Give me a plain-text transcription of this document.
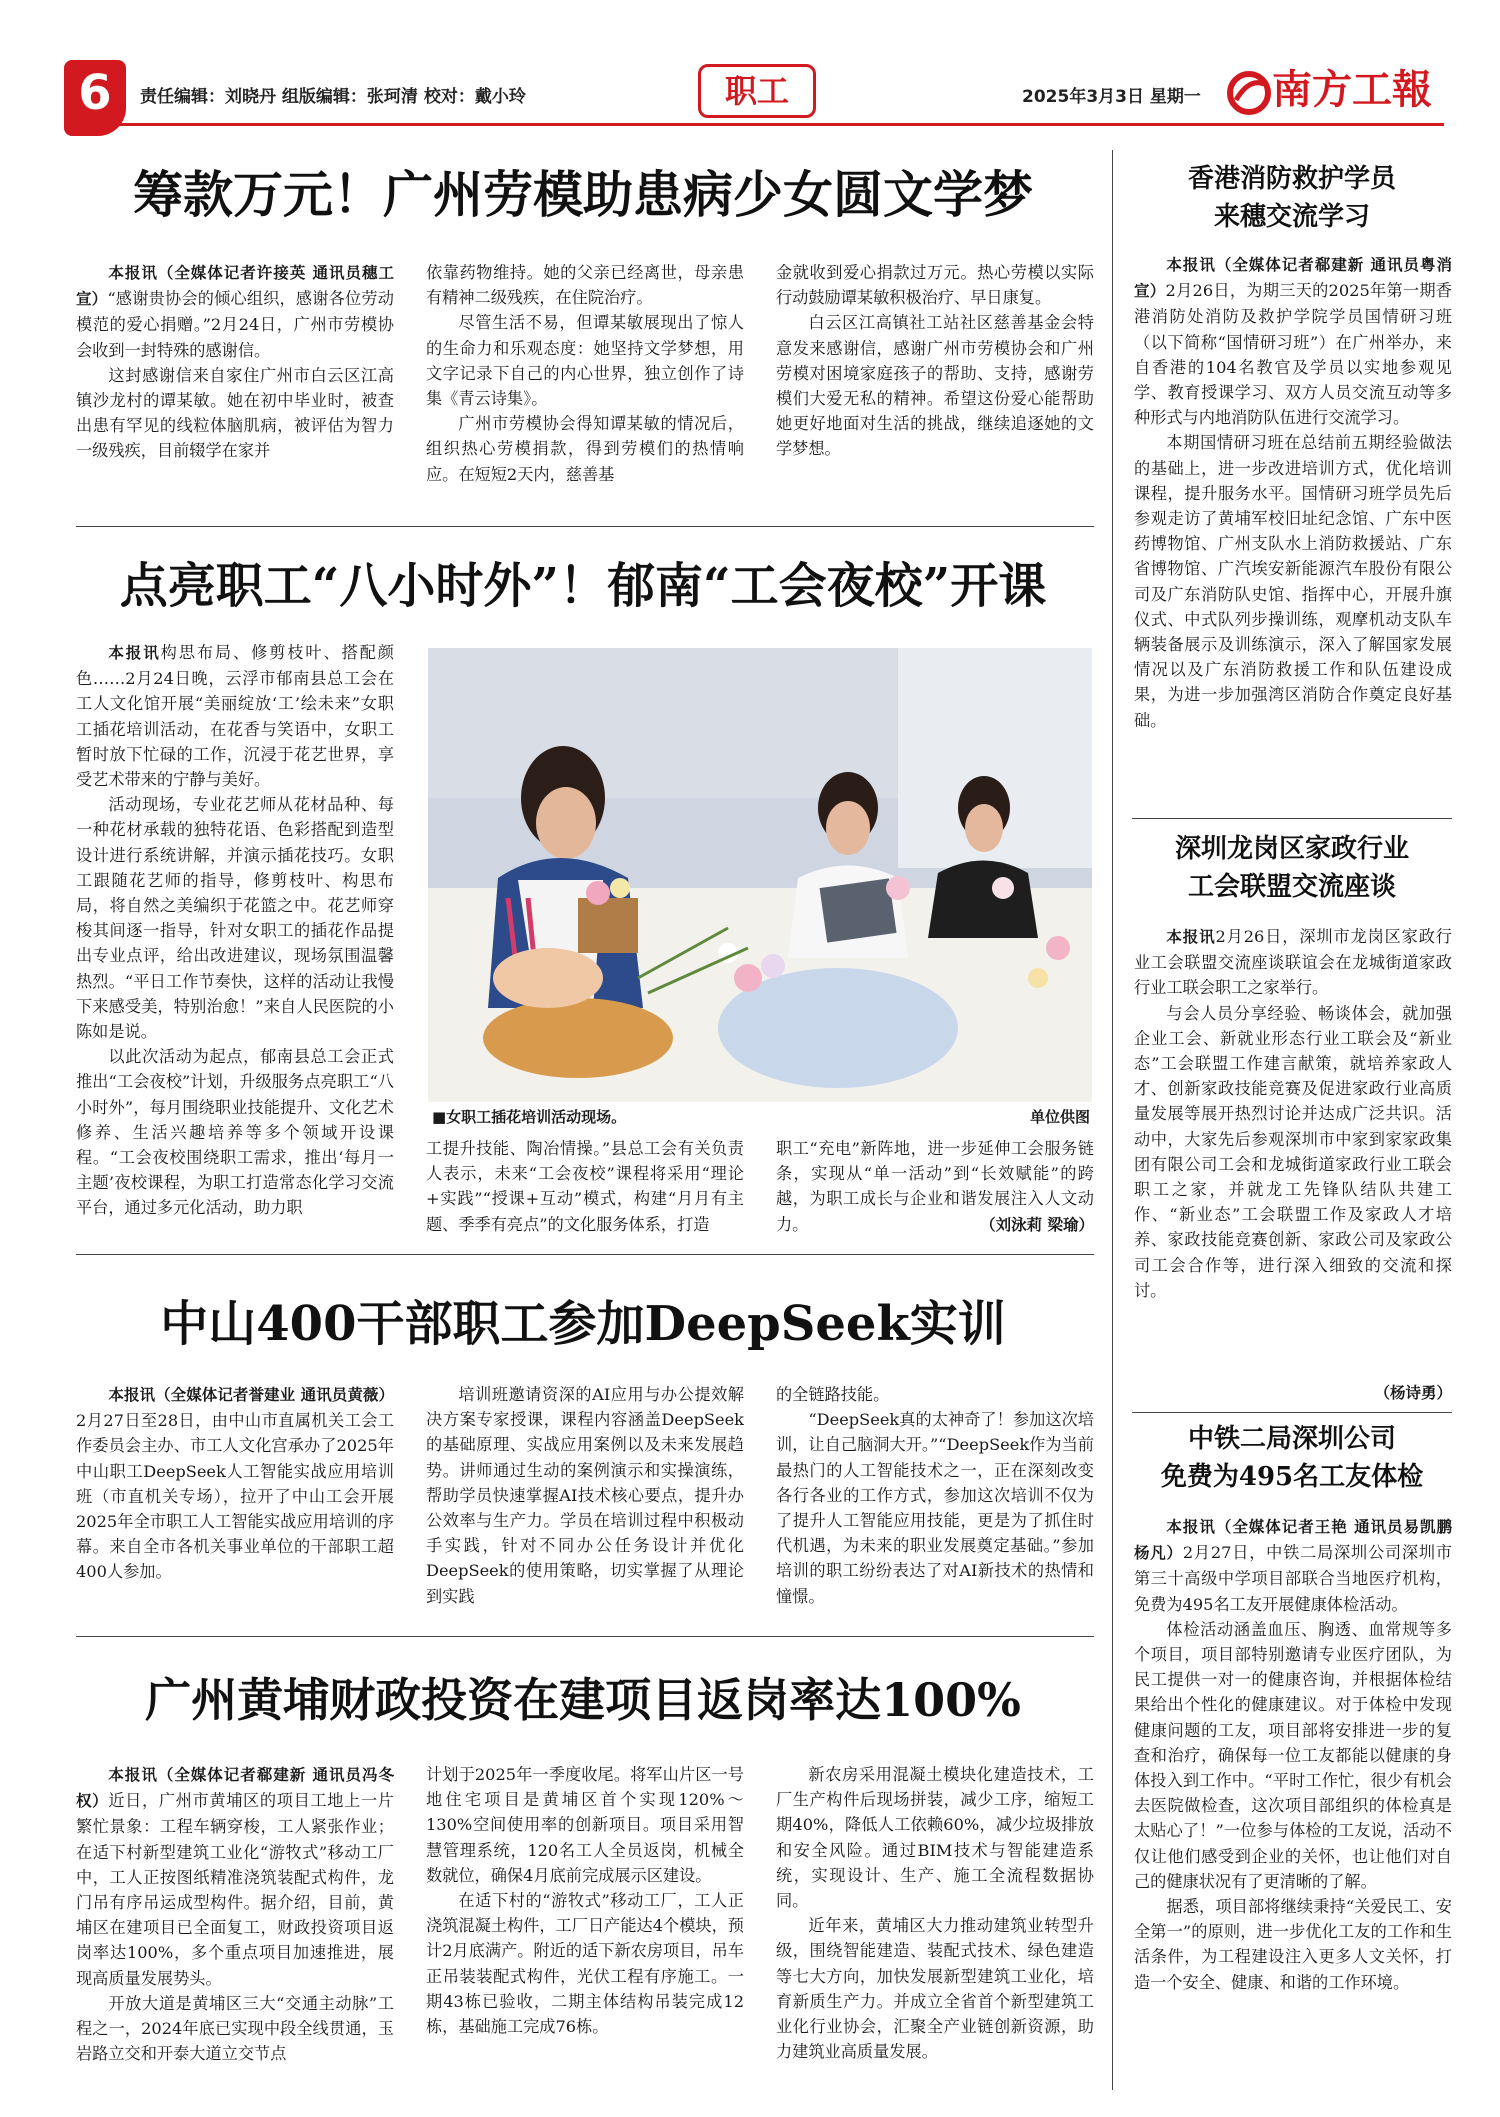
6	责任编辑：刘晓丹 组版编辑：张珂清 校对：戴小玲	职工	2025年3月3日 星期一	南方工報
筹款万元！广州劳模助患病少女圆文学梦

本报讯（全媒体记者许接英 通讯员穗工宣）“感谢贵协会的倾心组织，感谢各位劳动模范的爱心捐赠。”2月24日，广州市劳模协会收到一封特殊的感谢信。

这封感谢信来自家住广州市白云区江高镇沙龙村的谭某敏。她在初中毕业时，被查出患有罕见的线粒体脑肌病，被评估为智力一级残疾，目前辍学在家并

依靠药物维持。她的父亲已经离世，母亲患有精神二级残疾，在住院治疗。

尽管生活不易，但谭某敏展现出了惊人的生命力和乐观态度：她坚持文学梦想，用文字记录下自己的内心世界，独立创作了诗集《青云诗集》。

广州市劳模协会得知谭某敏的情况后，组织热心劳模捐款，得到劳模们的热情响应。在短短2天内，慈善基

金就收到爱心捐款过万元。热心劳模以实际行动鼓励谭某敏积极治疗、早日康复。

白云区江高镇社工站社区慈善基金会特意发来感谢信，感谢广州市劳模协会和广州劳模对困境家庭孩子的帮助、支持，感谢劳模们大爱无私的精神。希望这份爱心能帮助她更好地面对生活的挑战，继续追逐她的文学梦想。

点亮职工“八小时外”！郁南“工会夜校”开课

本报讯构思布局、修剪枝叶、搭配颜色……2月24日晚，云浮市郁南县总工会在工人文化馆开展“美丽绽放‘工’绘未来”女职工插花培训活动，在花香与笑语中，女职工暂时放下忙碌的工作，沉浸于花艺世界，享受艺术带来的宁静与美好。

活动现场，专业花艺师从花材品种、每一种花材承载的独特花语、色彩搭配到造型设计进行系统讲解，并演示插花技巧。女职工跟随花艺师的指导，修剪枝叶、构思布局，将自然之美编织于花篮之中。花艺师穿梭其间逐一指导，针对女职工的插花作品提出专业点评，给出改进建议，现场氛围温馨热烈。“平日工作节奏快，这样的活动让我慢下来感受美，特别治愈！”来自人民医院的小陈如是说。

以此次活动为起点，郁南县总工会正式推出“工会夜校”计划，升级服务点亮职工“八小时外”，每月围绕职业技能提升、文化艺术修养、生活兴趣培养等多个领域开设课程。“工会夜校围绕职工需求，推出‘每月一主题’夜校课程，为职工打造常态化学习交流平台，通过多元化活动，助力职

■女职工插花培训活动现场。	单位供图

工提升技能、陶冶情操。”县总工会有关负责人表示，未来“工会夜校”课程将采用“理论+实践”“授课+互动”模式，构建“月月有主题、季季有亮点”的文化服务体系，打造

职工“充电”新阵地，进一步延伸工会服务链条，实现从“单一活动”到“长效赋能”的跨越，为职工成长与企业和谐发展注入人文动力。	（刘泳莉 梁瑜）
中山400干部职工参加DeepSeek实训

本报讯（全媒体记者誉建业 通讯员黄薇）2月27日至28日，由中山市直属机关工会工作委员会主办、市工人文化宫承办了2025年中山职工DeepSeek人工智能实战应用培训班（市直机关专场），拉开了中山工会开展2025年全市职工人工智能实战应用培训的序幕。来自全市各机关事业单位的干部职工超400人参加。

培训班邀请资深的AI应用与办公提效解决方案专家授课，课程内容涵盖DeepSeek的基础原理、实战应用案例以及未来发展趋势。讲师通过生动的案例演示和实操演练，帮助学员快速掌握AI技术核心要点，提升办公效率与生产力。学员在培训过程中积极动手实践，针对不同办公任务设计并优化DeepSeek的使用策略，切实掌握了从理论到实践

的全链路技能。

“DeepSeek真的太神奇了！参加这次培训，让自己脑洞大开。”“DeepSeek作为当前最热门的人工智能技术之一，正在深刻改变各行各业的工作方式，参加这次培训不仅为了提升人工智能应用技能，更是为了抓住时代机遇，为未来的职业发展奠定基础。”参加培训的职工纷纷表达了对AI新技术的热情和憧憬。

广州黄埔财政投资在建项目返岗率达100%

本报讯（全媒体记者郗建新 通讯员冯冬权）近日，广州市黄埔区的项目工地上一片繁忙景象：工程车辆穿梭，工人紧张作业；在适下村新型建筑工业化“游牧式”移动工厂中，工人正按图纸精准浇筑装配式构件，龙门吊有序吊运成型构件。据介绍，目前，黄埔区在建项目已全面复工，财政投资项目返岗率达100%，多个重点项目加速推进，展现高质量发展势头。

开放大道是黄埔区三大“交通主动脉”工程之一，2024年底已实现中段全线贯通，玉岩路立交和开泰大道立交节点

计划于2025年一季度收尾。将军山片区一号地住宅项目是黄埔区首个实现120%～130%空间使用率的创新项目。项目采用智慧管理系统，120名工人全员返岗，机械全数就位，确保4月底前完成展示区建设。

在适下村的“游牧式”移动工厂，工人正浇筑混凝土构件，工厂日产能达4个模块，预计2月底满产。附近的适下新农房项目，吊车正吊装装配式构件，光伏工程有序施工。一期43栋已验收，二期主体结构吊装完成12栋，基础施工完成76栋。

新农房采用混凝土模块化建造技术，工厂生产构件后现场拼装，减少工序，缩短工期40%，降低人工依赖60%，减少垃圾排放和安全风险。通过BIM技术与智能建造系统，实现设计、生产、施工全流程数据协同。

近年来，黄埔区大力推动建筑业转型升级，围绕智能建造、装配式技术、绿色建造等七大方向，加快发展新型建筑工业化，培育新质生产力。并成立全省首个新型建筑工业化行业协会，汇聚全产业链创新资源，助力建筑业高质量发展。

香港消防救护学员
来穗交流学习

本报讯（全媒体记者郗建新 通讯员粤消宣）2月26日，为期三天的2025年第一期香港消防处消防及救护学院学员国情研习班（以下简称“国情研习班”）在广州举办，来自香港的104名教官及学员以实地参观见学、教育授课学习、双方人员交流互动等多种形式与内地消防队伍进行交流学习。

本期国情研习班在总结前五期经验做法的基础上，进一步改进培训方式，优化培训课程，提升服务水平。国情研习班学员先后参观走访了黄埔军校旧址纪念馆、广东中医药博物馆、广州支队水上消防救援站、广东省博物馆、广汽埃安新能源汽车股份有限公司及广东消防队史馆、指挥中心，开展升旗仪式、中式队列步操训练，观摩机动支队车辆装备展示及训练演示，深入了解国家发展情况以及广东消防救援工作和队伍建设成果，为进一步加强湾区消防合作奠定良好基础。

深圳龙岗区家政行业
工会联盟交流座谈

本报讯2月26日，深圳市龙岗区家政行业工会联盟交流座谈联谊会在龙城街道家政行业工联会职工之家举行。

与会人员分享经验、畅谈体会，就加强企业工会、新就业形态行业工联会及“新业态”工会联盟工作建言献策，就培养家政人才、创新家政技能竞赛及促进家政行业高质量发展等展开热烈讨论并达成广泛共识。活动中，大家先后参观深圳市中家到家家政集团有限公司工会和龙城街道家政行业工联会职工之家，并就龙工先锋队结队共建工作、“新业态”工会联盟工作及家政人才培养、家政技能竞赛创新、家政公司及家政公司工会合作等，进行深入细致的交流和探讨。

（杨诗勇）
中铁二局深圳公司
免费为495名工友体检

本报讯（全媒体记者王艳 通讯员易凯鹏 杨凡）2月27日，中铁二局深圳公司深圳市第三十高级中学项目部联合当地医疗机构，免费为495名工友开展健康体检活动。

体检活动涵盖血压、胸透、血常规等多个项目，项目部特别邀请专业医疗团队，为民工提供一对一的健康咨询，并根据体检结果给出个性化的健康建议。对于体检中发现健康问题的工友，项目部将安排进一步的复查和治疗，确保每一位工友都能以健康的身体投入到工作中。“平时工作忙，很少有机会去医院做检查，这次项目部组织的体检真是太贴心了！”一位参与体检的工友说，活动不仅让他们感受到企业的关怀，也让他们对自己的健康状况有了更清晰的了解。

据悉，项目部将继续秉持“关爱民工、安全第一”的原则，进一步优化工友的工作和生活条件，为工程建设注入更多人文关怀，打造一个安全、健康、和谐的工作环境。
